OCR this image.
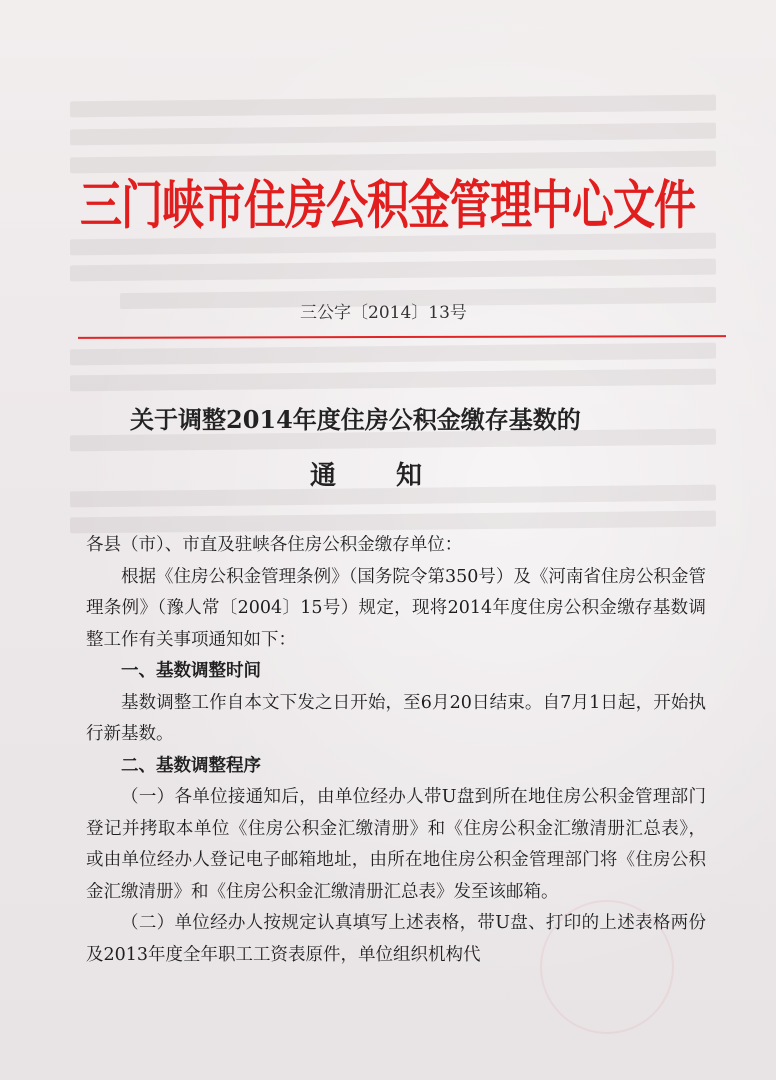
三门峡市住房公积金管理中心文件
三公字〔2014〕13号
关于调整2014年度住房公积金缴存基数的
通知

各县（市）、市直及驻峡各住房公积金缴存单位：

根据《住房公积金管理条例》（国务院令第350号）及《河南省住房公积金管理条例》（豫人常〔2004〕15号）规定，现将2014年度住房公积金缴存基数调整工作有关事项通知如下：

一、基数调整时间

基数调整工作自本文下发之日开始，至6月20日结束。自7月1日起，开始执行新基数。

二、基数调整程序

（一）各单位接通知后，由单位经办人带U盘到所在地住房公积金管理部门登记并拷取本单位《住房公积金汇缴清册》和《住房公积金汇缴清册汇总表》，或由单位经办人登记电子邮箱地址，由所在地住房公积金管理部门将《住房公积金汇缴清册》和《住房公积金汇缴清册汇总表》发至该邮箱。

（二）单位经办人按规定认真填写上述表格，带U盘、打印的上述表格两份及2013年度全年职工工资表原件，单位组织机构代
